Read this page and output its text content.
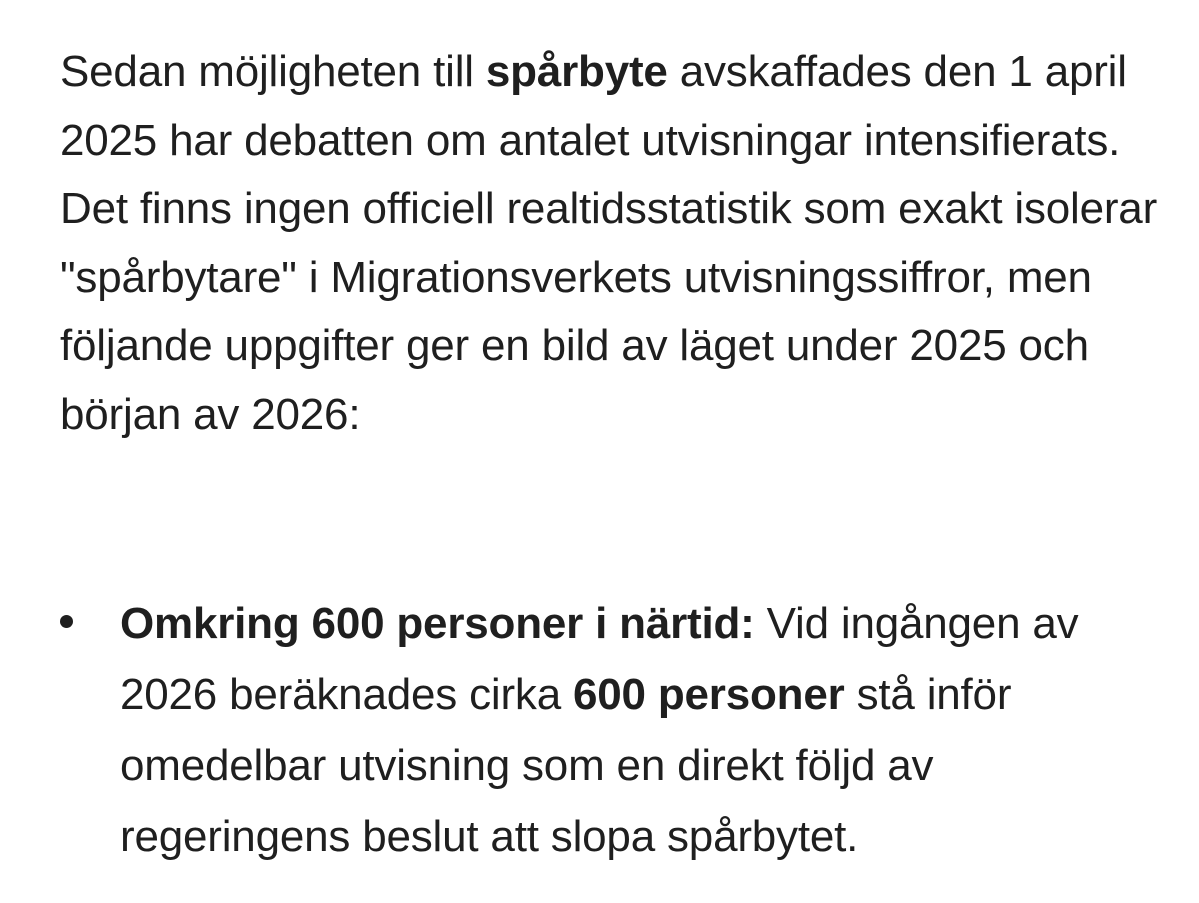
Sedan möjligheten till spårbyte avskaffades den 1 april 2025 har debatten om antalet utvisningar intensifierats. Det finns ingen officiell realtidsstatistik som exakt isolerar "spårbytare" i Migrationsverkets utvisningssiffror, men följande uppgifter ger en bild av läget under 2025 och början av 2026:

Omkring 600 personer i närtid: Vid ingången av 2026 beräknades cirka 600 personer stå inför omedelbar utvisning som en direkt följd av regeringens beslut att slopa spårbytet.
